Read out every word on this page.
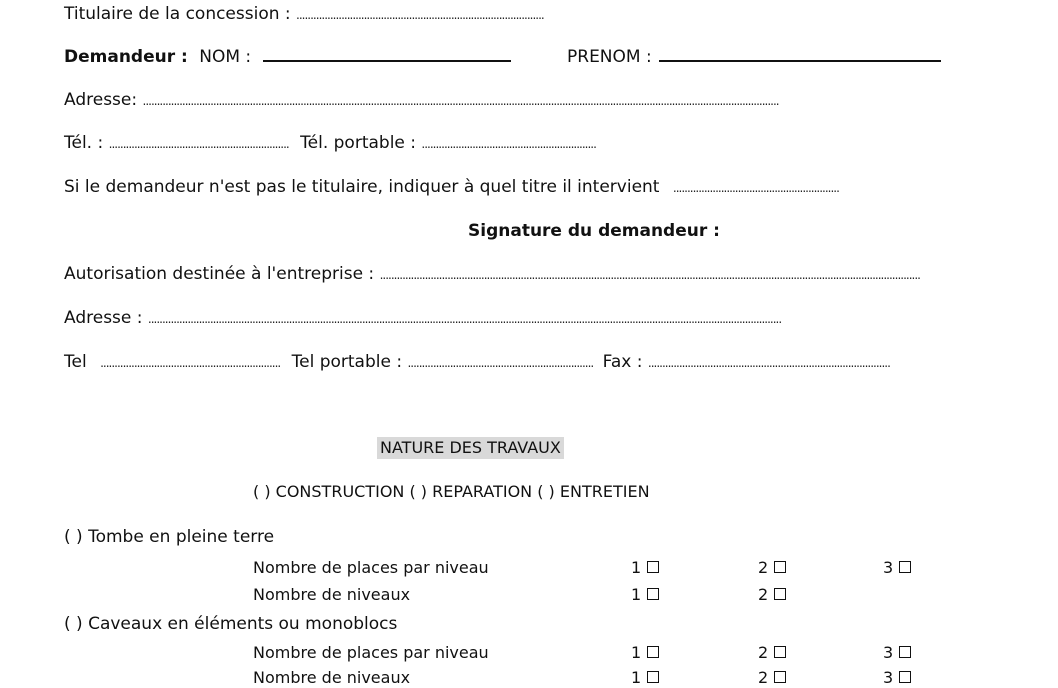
Titulaire de la concession : ........................................................................................
Demandeur : NOM :	PRENOM :
Adresse: ..................................................................................................................................................................................................................................
Tél. : ................................................................ Tél. portable : ..............................................................
Si le demandeur n'est pas le titulaire, indiquer à quel titre il intervient ...........................................................
Signature du demandeur :
Autorisation destinée à l'entreprise : ................................................................................................................................................................................................
Adresse : .................................................................................................................................................................................................................................
Tel ................................................................ Tel portable : .................................................................. Fax : ......................................................................................
NATURE DES TRAVAUX
( ) CONSTRUCTION ( ) REPARATION ( ) ENTRETIEN
( ) Tombe en pleine terre
Nombre de places par niveau	1	2	3
Nombre de niveaux	1	2
( ) Caveaux en éléments ou monoblocs
Nombre de places par niveau	1	2	3
Nombre de niveaux	1	2	3
